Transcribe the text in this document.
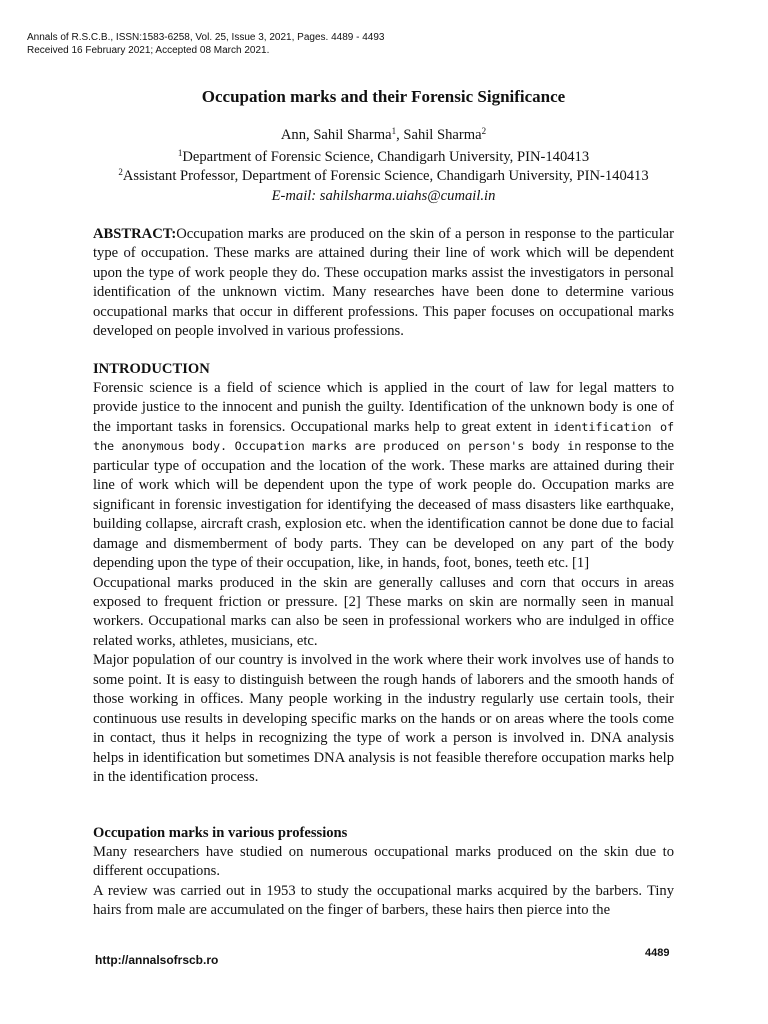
Annals of R.S.C.B., ISSN:1583-6258, Vol. 25, Issue 3, 2021, Pages. 4489 - 4493
Received 16 February 2021; Accepted 08 March 2021.
Occupation marks and their Forensic Significance
Ann, Sahil Sharma$^1$, Sahil Sharma$^2$
$^1$Department of Forensic Science, Chandigarh University, PIN-140413
$^2$Assistant Professor, Department of Forensic Science, Chandigarh University, PIN-140413
E-mail: sahilsharma.uiahs@cumail.in
ABSTRACT:Occupation marks are produced on the skin of a person in response to the particular type of occupation. These marks are attained during their line of work which will be dependent upon the type of work people they do. These occupation marks assist the investigators in personal identification of the unknown victim. Many researches have been done to determine various occupational marks that occur in different professions. This paper focuses on occupational marks developed on people involved in various professions.
INTRODUCTION

Forensic science is a field of science which is applied in the court of law for legal matters to provide justice to the innocent and punish the guilty. Identification of the unknown body is one of the important tasks in forensics. Occupational marks help to great extent in identification of the anonymous body. Occupation marks are produced on person's body in response to the particular type of occupation and the location of the work. These marks are attained during their line of work which will be dependent upon the type of work people do. Occupation marks are significant in forensic investigation for identifying the deceased of mass disasters like earthquake, building collapse, aircraft crash, explosion etc. when the identification cannot be done due to facial damage and dismemberment of body parts. They can be developed on any part of the body depending upon the type of their occupation, like, in hands, foot, bones, teeth etc. [1]

Occupational marks produced in the skin are generally calluses and corn that occurs in areas exposed to frequent friction or pressure. [2] These marks on skin are normally seen in manual workers. Occupational marks can also be seen in professional workers who are indulged in office related works, athletes, musicians, etc.

Major population of our country is involved in the work where their work involves use of hands to some point. It is easy to distinguish between the rough hands of laborers and the smooth hands of those working in offices. Many people working in the industry regularly use certain tools, their continuous use results in developing specific marks on the hands or on areas where the tools come in contact, thus it helps in recognizing the type of work a person is involved in. DNA analysis helps in identification but sometimes DNA analysis is not feasible therefore occupation marks help in the identification process.

Occupation marks in various professions

Many researchers have studied on numerous occupational marks produced on the skin due to different occupations.

A review was carried out in 1953 to study the occupational marks acquired by the barbers. Tiny hairs from male are accumulated on the finger of barbers, these hairs then pierce into the

http://annalsofrscb.ro	4489
